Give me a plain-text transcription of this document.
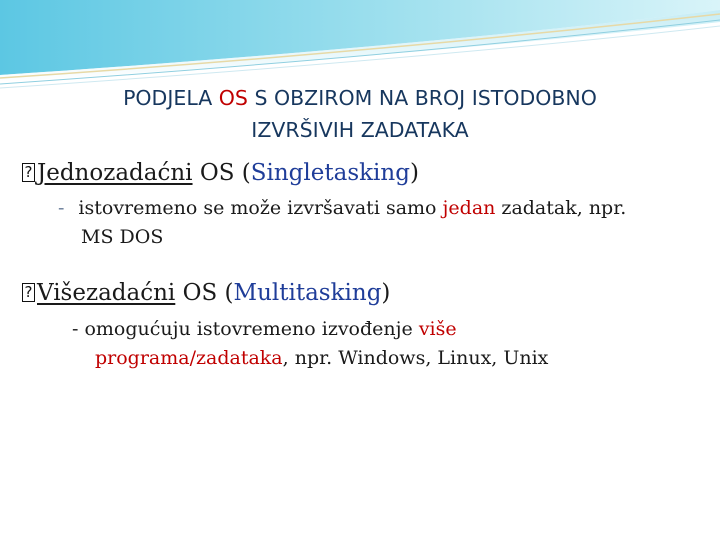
PODJELA OS S OBZIROM NA BROJ ISTODOBNO
IZVRŠIVIH ZADATAKA
? Jednozadaćni OS (Singletasking)
- istovremeno se može izvršavati samo jedan zadatak, npr.
MS DOS
? Višezadaćni OS (Multitasking)
- omogućuju istovremeno izvođenje više
programa/zadataka, npr. Windows, Linux, Unix
